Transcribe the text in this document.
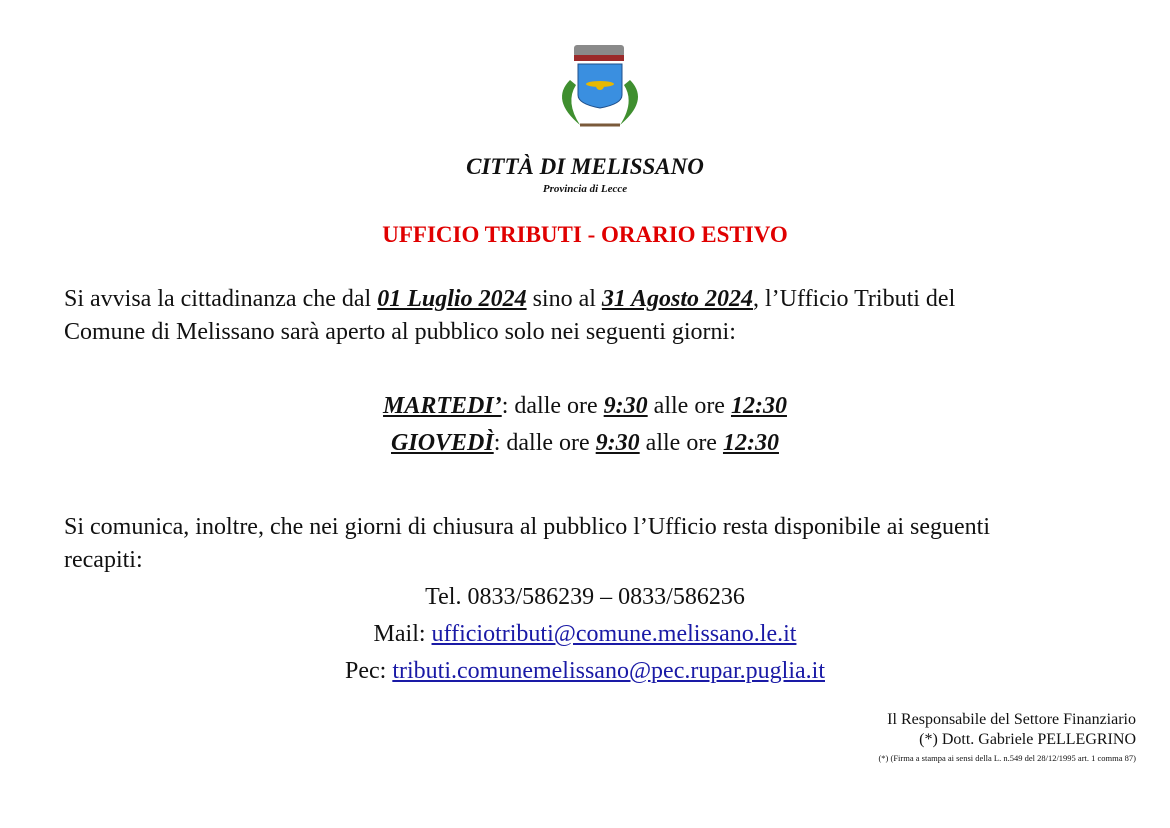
CITTÀ DI MELISSANO
Provincia di Lecce
UFFICIO TRIBUTI - ORARIO ESTIVO
Si avvisa la cittadinanza che dal 01 Luglio 2024 sino al 31 Agosto 2024, l’Ufficio Tributi del
Comune di Melissano sarà aperto al pubblico solo nei seguenti giorni:
MARTEDI’: dalle ore 9:30 alle ore 12:30
GIOVEDÌ: dalle ore 9:30 alle ore 12:30
Si comunica, inoltre, che nei giorni di chiusura al pubblico l’Ufficio resta disponibile ai seguenti
recapiti:
Tel. 0833/586239 – 0833/586236
Mail: ufficiotributi@comune.melissano.le.it
Pec: tributi.comunemelissano@pec.rupar.puglia.it
Il Responsabile del Settore Finanziario
(*) Dott. Gabriele PELLEGRINO
(*) (Firma a stampa ai sensi della L. n.549 del 28/12/1995 art. 1 comma 87)
